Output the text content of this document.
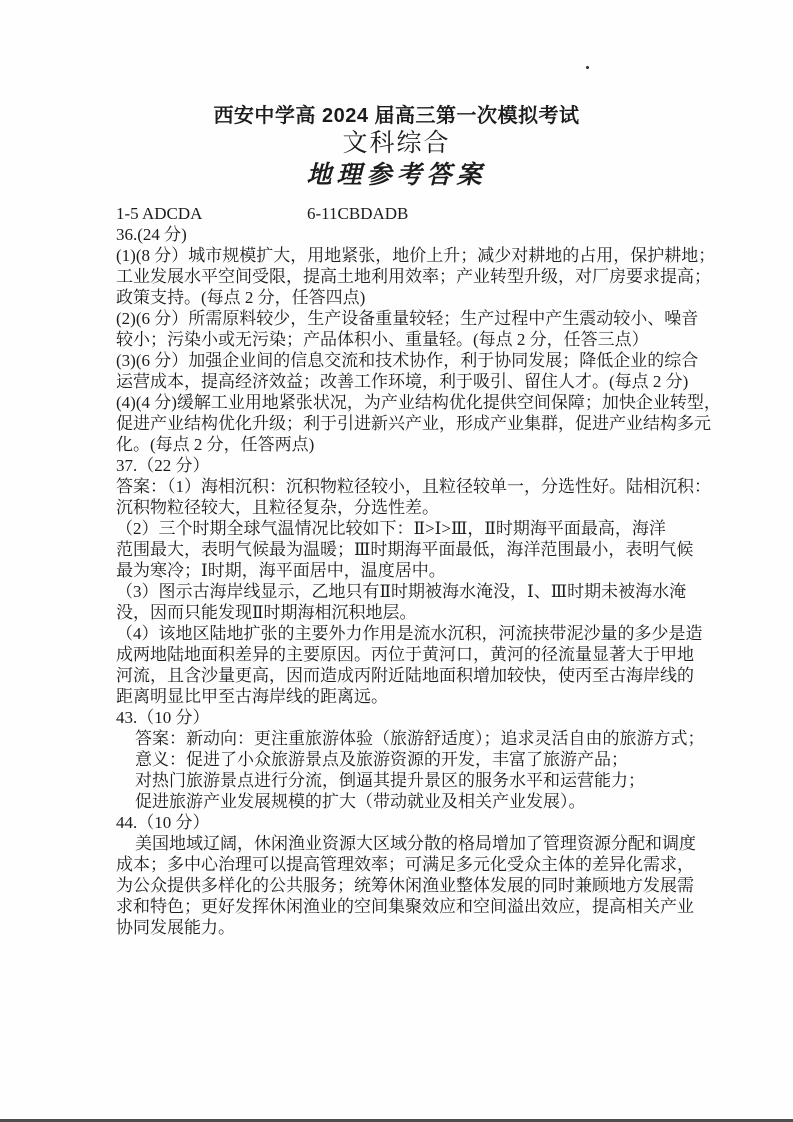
西安中学高 2024 届高三第一次模拟考试
文科综合
地理参考答案
1-5 ADCDA	6-11CBDADB
36.(24 分)
(1)(8 分）城市规模扩大，用地紧张，地价上升；减少对耕地的占用，保护耕地；
工业发展水平空间受限，提高土地利用效率；产业转型升级，对厂房要求提高；
政策支持。(每点 2 分，任答四点)
(2)(6 分）所需原料较少，生产设备重量较轻；生产过程中产生震动较小、噪音
较小；污染小或无污染；产品体积小、重量轻。(每点 2 分，任答三点）
(3)(6 分）加强企业间的信息交流和技术协作，利于协同发展；降低企业的综合
运营成本，提高经济效益；改善工作环境，利于吸引、留住人才。(每点 2 分)
(4)(4 分)缓解工业用地紧张状况，为产业结构优化提供空间保障；加快企业转型，
促进产业结构优化升级；利于引进新兴产业，形成产业集群，促进产业结构多元
化。(每点 2 分，任答两点)
37.（22 分）
答案：（1）海相沉积：沉积物粒径较小，且粒径较单一，分选性好。陆相沉积：
沉积物粒径较大，且粒径复杂，分选性差。
（2）三个时期全球气温情况比较如下：Ⅱ>Ⅰ>Ⅲ，Ⅱ时期海平面最高，海洋
范围最大，表明气候最为温暖；Ⅲ时期海平面最低，海洋范围最小，表明气候
最为寒冷；Ⅰ时期，海平面居中，温度居中。
（3）图示古海岸线显示，乙地只有Ⅱ时期被海水淹没，Ⅰ、Ⅲ时期未被海水淹
没，因而只能发现Ⅱ时期海相沉积地层。
（4）该地区陆地扩张的主要外力作用是流水沉积，河流挟带泥沙量的多少是造
成两地陆地面积差异的主要原因。丙位于黄河口，黄河的径流量显著大于甲地
河流，且含沙量更高，因而造成丙附近陆地面积增加较快，使丙至古海岸线的
距离明显比甲至古海岸线的距离远。
43.（10 分）
答案：新动向：更注重旅游体验（旅游舒适度）；追求灵活自由的旅游方式；
意义：促进了小众旅游景点及旅游资源的开发，丰富了旅游产品；
对热门旅游景点进行分流，倒逼其提升景区的服务水平和运营能力；
促进旅游产业发展规模的扩大（带动就业及相关产业发展）。
44.（10 分）
美国地域辽阔，休闲渔业资源大区域分散的格局增加了管理资源分配和调度
成本；多中心治理可以提高管理效率；可满足多元化受众主体的差异化需求，
为公众提供多样化的公共服务；统筹休闲渔业整体发展的同时兼顾地方发展需
求和特色；更好发挥休闲渔业的空间集聚效应和空间溢出效应，提高相关产业
协同发展能力。
